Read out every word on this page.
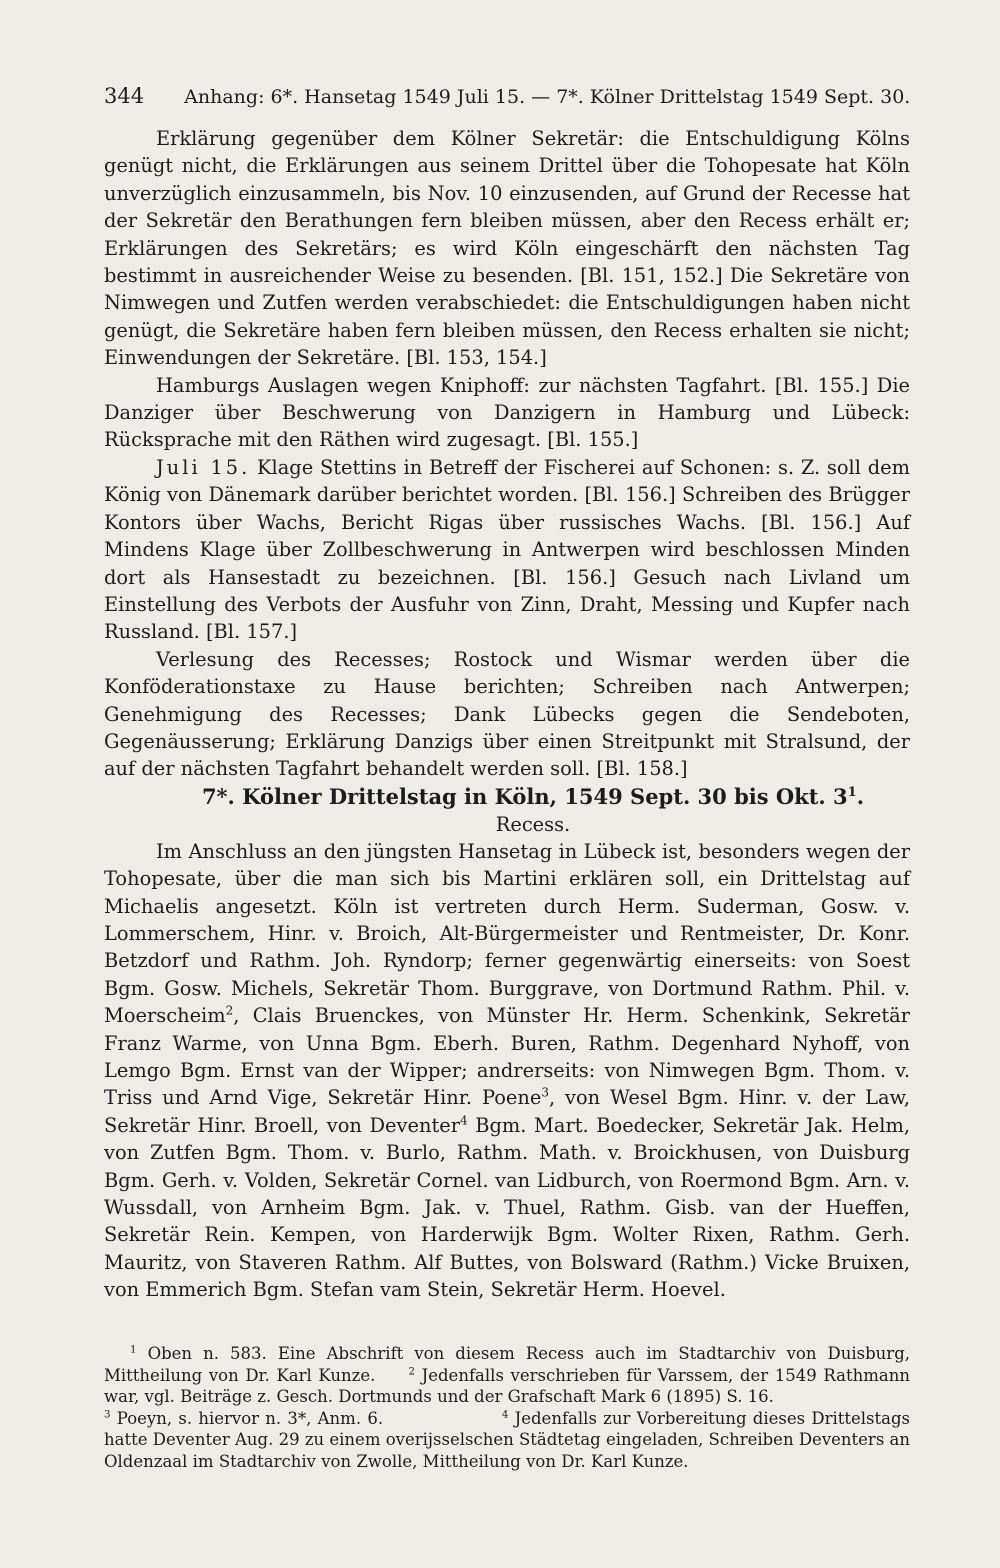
344 Anhang: 6*. Hansetag 1549 Juli 15. — 7*. Kölner Drittelstag 1549 Sept. 30.

Erklärung gegenüber dem Kölner Sekretär: die Entschuldigung Kölns genügt nicht, die Erklärungen aus seinem Drittel über die Tohopesate hat Köln unverzüglich einzusammeln, bis Nov. 10 einzusenden, auf Grund der Recesse hat der Sekretär den Berathungen fern bleiben müssen, aber den Recess erhält er; Erklärungen des Sekretärs; es wird Köln eingeschärft den nächsten Tag bestimmt in ausreichender Weise zu besenden. [Bl. 151, 152.] Die Sekretäre von Nimwegen und Zutfen werden verabschiedet: die Entschuldigungen haben nicht genügt, die Sekretäre haben fern bleiben müssen, den Recess erhalten sie nicht; Einwendungen der Sekretäre. [Bl. 153, 154.]

Hamburgs Auslagen wegen Kniphoff: zur nächsten Tagfahrt. [Bl. 155.] Die Danziger über Beschwerung von Danzigern in Hamburg und Lübeck: Rücksprache mit den Räthen wird zugesagt. [Bl. 155.]

Juli 15. Klage Stettins in Betreff der Fischerei auf Schonen: s. Z. soll dem König von Dänemark darüber berichtet worden. [Bl. 156.] Schreiben des Brügger Kontors über Wachs, Bericht Rigas über russisches Wachs. [Bl. 156.] Auf Mindens Klage über Zollbeschwerung in Antwerpen wird beschlossen Minden dort als Hansestadt zu bezeichnen. [Bl. 156.] Gesuch nach Livland um Einstellung des Verbots der Ausfuhr von Zinn, Draht, Messing und Kupfer nach Russland. [Bl. 157.]

Verlesung des Recesses; Rostock und Wismar werden über die Konföderationstaxe zu Hause berichten; Schreiben nach Antwerpen; Genehmigung des Recesses; Dank Lübecks gegen die Sendeboten, Gegenäusserung; Erklärung Danzigs über einen Streitpunkt mit Stralsund, der auf der nächsten Tagfahrt behandelt werden soll. [Bl. 158.]

7*. Kölner Drittelstag in Köln, 1549 Sept. 30 bis Okt. $3^1$.

Recess.

Im Anschluss an den jüngsten Hansetag in Lübeck ist, besonders wegen der Tohopesate, über die man sich bis Martini erklären soll, ein Drittelstag auf Michaelis angesetzt. Köln ist vertreten durch Herm. Suderman, Gosw. v. Lommerschem, Hinr. v. Broich, Alt-Bürgermeister und Rentmeister, Dr. Konr. Betzdorf und Rathm. Joh. Ryndorp; ferner gegenwärtig einerseits: von Soest Bgm. Gosw. Michels, Sekretär Thom. Burggrave, von Dortmund Rathm. Phil. v. Moerscheim$^2$, Clais Bruenckes, von Münster Hr. Herm. Schenkink, Sekretär Franz Warme, von Unna Bgm. Eberh. Buren, Rathm. Degenhard Nyhoff, von Lemgo Bgm. Ernst van der Wipper; andrerseits: von Nimwegen Bgm. Thom. v. Triss und Arnd Vige, Sekretär Hinr. Poene$^3$, von Wesel Bgm. Hinr. v. der Law, Sekretär Hinr. Broell, von Deventer$^4$ Bgm. Mart. Boedecker, Sekretär Jak. Helm, von Zutfen Bgm. Thom. v. Burlo, Rathm. Math. v. Broickhusen, von Duisburg Bgm. Gerh. v. Volden, Sekretär Cornel. van Lidburch, von Roermond Bgm. Arn. v. Wussdall, von Arnheim Bgm. Jak. v. Thuel, Rathm. Gisb. van der Hueffen, Sekretär Rein. Kempen, von Harderwijk Bgm. Wolter Rixen, Rathm. Gerh. Mauritz, von Staveren Rathm. Alf Buttes, von Bolsward (Rathm.) Vicke Bruixen, von Emmerich Bgm. Stefan vam Stein, Sekretär Herm. Hoevel.

$^1$ Oben n. 583. Eine Abschrift von diesem Recess auch im Stadtarchiv von Duisburg, Mittheilung von Dr. Karl Kunze.	$^2$ Jedenfalls verschrieben für Varssem, der 1549 Rathmann war, vgl. Beiträge z. Gesch. Dortmunds und der Grafschaft Mark 6 (1895) S. 16.
$^3$ Poeyn, s. hiervor n. 3*, Anm. 6.	$^4$ Jedenfalls zur Vorbereitung dieses Drittelstags hatte Deventer Aug. 29 zu einem overijsselschen Städtetag eingeladen, Schreiben Deventers an Oldenzaal im Stadtarchiv von Zwolle, Mittheilung von Dr. Karl Kunze.
